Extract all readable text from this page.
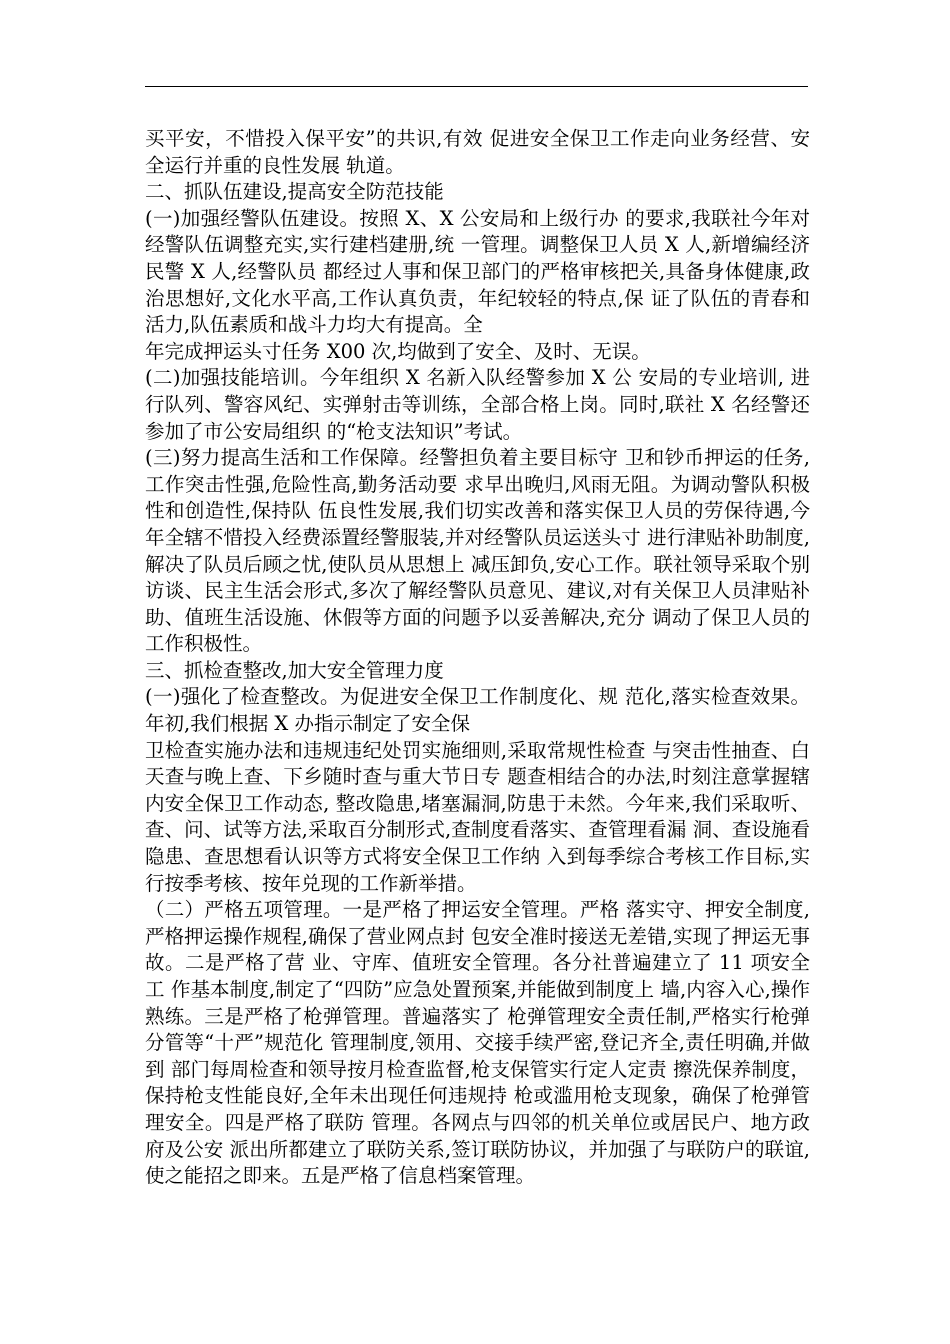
买平安，不惜投入保平安”的共识,有效 促进安全保卫工作走向业务经营、安全运行并重的良性发展 轨道。

二、抓队伍建设,提高安全防范技能

(一)加强经警队伍建设。按照 X、X 公安局和上级行办 的要求,我联社今年对经警队伍调整充实,实行建档建册,统 一管理。调整保卫人员 X 人,新增编经济民警 X 人,经警队员 都经过人事和保卫部门的严格审核把关,具备身体健康,政 治思想好,文化水平高,工作认真负责，年纪较轻的特点,保 证了队伍的青春和活力,队伍素质和战斗力均大有提高。全

年完成押运头寸任务 X00 次,均做到了安全、及时、无误。

(二)加强技能培训。今年组织 X 名新入队经警参加 X 公 安局的专业培训, 进行队列、警容风纪、实弹射击等训练，全部合格上岗。同时,联社 X 名经警还参加了市公安局组织 的“枪支法知识”考试。

(三)努力提高生活和工作保障。经警担负着主要目标守 卫和钞币押运的任务,工作突击性强,危险性高,勤务活动要 求早出晚归,风雨无阻。为调动警队积极性和创造性,保持队 伍良性发展,我们切实改善和落实保卫人员的劳保待遇,今 年全辖不惜投入经费添置经警服装,并对经警队员运送头寸 进行津贴补助制度,解决了队员后顾之忧,使队员从思想上 减压卸负,安心工作。联社领导采取个别访谈、民主生活会形式,多次了解经警队员意见、建议,对有关保卫人员津贴补 助、值班生活设施、休假等方面的问题予以妥善解决,充分 调动了保卫人员的工作积极性。

三、抓检查整改,加大安全管理力度

(一)强化了检查整改。为促进安全保卫工作制度化、规 范化,落实检查效果。年初,我们根据 X 办指示制定了安全保

卫检查实施办法和违规违纪处罚实施细则,采取常规性检查 与突击性抽查、白天查与晚上查、下乡随时查与重大节日专 题查相结合的办法,时刻注意掌握辖内安全保卫工作动态, 整改隐患,堵塞漏洞,防患于未然。今年来,我们采取听、查、问、试等方法,采取百分制形式,查制度看落实、查管理看漏 洞、查设施看隐患、查思想看认识等方式将安全保卫工作纳 入到每季综合考核工作目标,实行按季考核、按年兑现的工作新举措。

（二）严格五项管理。一是严格了押运安全管理。严格 落实守、押安全制度,严格押运操作规程,确保了营业网点封 包安全准时接送无差错,实现了押运无事故。二是严格了营 业、守库、值班安全管理。各分社普遍建立了 11 项安全工 作基本制度,制定了“四防”应急处置预案,并能做到制度上 墙,内容入心,操作熟练。三是严格了枪弹管理。普遍落实了 枪弹管理安全责任制,严格实行枪弹分管等“十严”规范化 管理制度,领用、交接手续严密,登记齐全,责任明确,并做到 部门每周检查和领导按月检查监督,枪支保管实行定人定责 擦洗保养制度，保持枪支性能良好,全年未出现任何违规持 枪或滥用枪支现象，确保了枪弹管理安全。四是严格了联防 管理。各网点与四邻的机关单位或居民户、地方政府及公安 派出所都建立了联防关系,签订联防协议，并加强了与联防户的联谊,使之能招之即来。五是严格了信息档案管理。
